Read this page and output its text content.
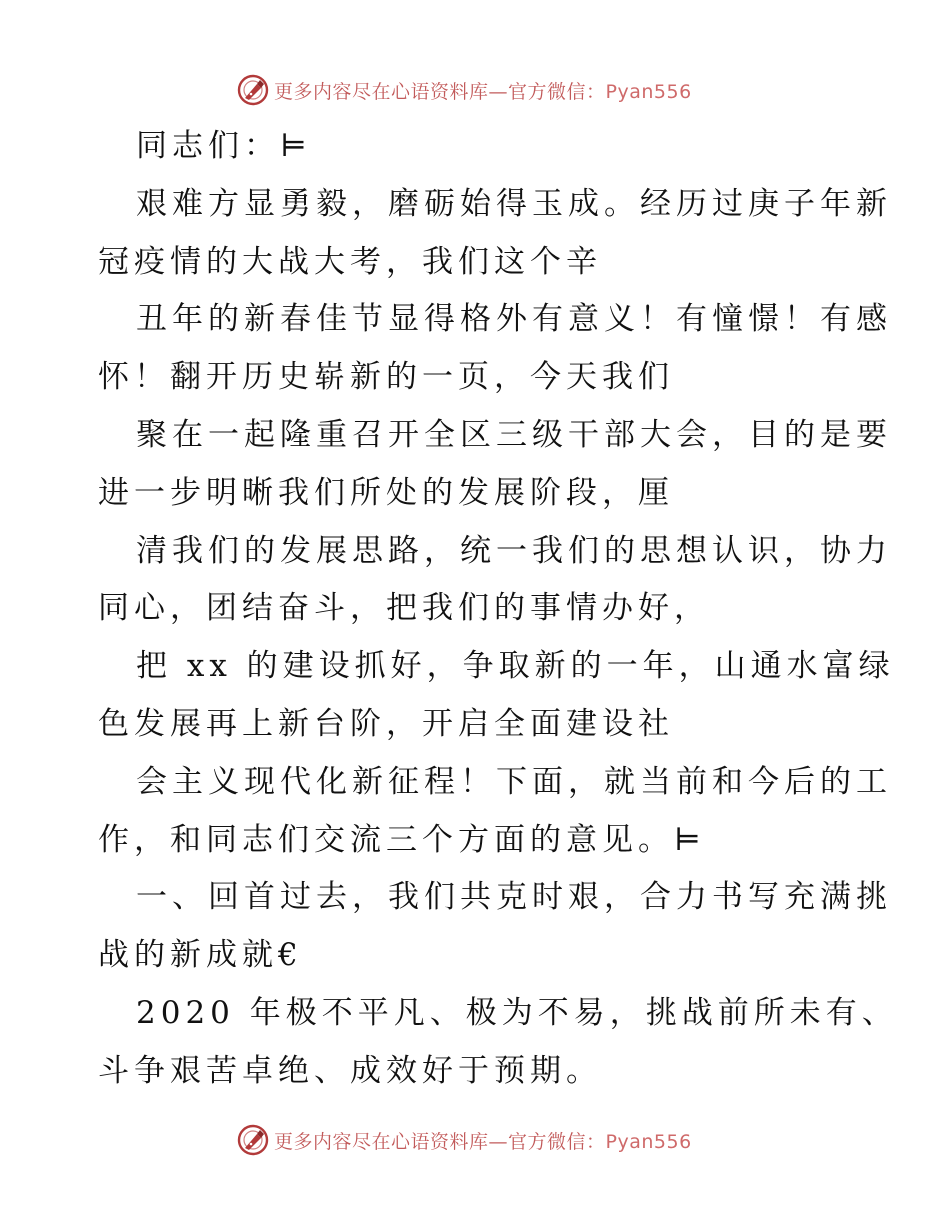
更多内容尽在心语资料库—官方微信：Pyan556
同志们：⊨
艰难方显勇毅，磨砺始得玉成。经历过庚子年新
冠疫情的大战大考，我们这个辛
丑年的新春佳节显得格外有意义！有憧憬！有感
怀！翻开历史崭新的一页，今天我们
聚在一起隆重召开全区三级干部大会，目的是要
进一步明晰我们所处的发展阶段，厘
清我们的发展思路，统一我们的思想认识，协力
同心，团结奋斗，把我们的事情办好，
把 xx 的建设抓好，争取新的一年，山通水富绿
色发展再上新台阶，开启全面建设社
会主义现代化新征程！下面，就当前和今后的工
作，和同志们交流三个方面的意见。⊨
一、回首过去，我们共克时艰，合力书写充满挑
战的新成就€
2020 年极不平凡、极为不易，挑战前所未有、
斗争艰苦卓绝、成效好于预期。
更多内容尽在心语资料库—官方微信：Pyan556
